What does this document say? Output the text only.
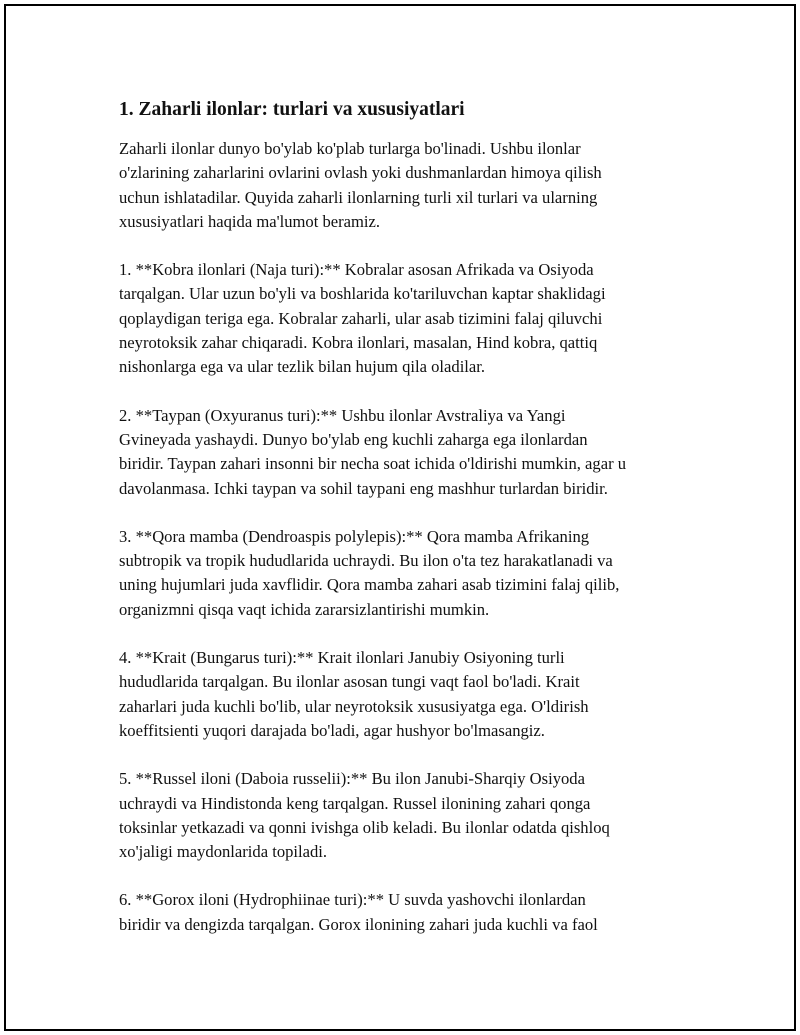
1. Zaharli ilonlar: turlari va xususiyatlari

Zaharli ilonlar dunyo bo'ylab ko'plab turlarga bo'linadi. Ushbu ilonlar
o'zlarining zaharlarini ovlarini ovlash yoki dushmanlardan himoya qilish
uchun ishlatadilar. Quyida zaharli ilonlarning turli xil turlari va ularning
xususiyatlari haqida ma'lumot beramiz.

1. **Kobra ilonlari (Naja turi):** Kobralar asosan Afrikada va Osiyoda
tarqalgan. Ular uzun bo'yli va boshlarida ko'tariluvchan kaptar shaklidagi
qoplaydigan teriga ega. Kobralar zaharli, ular asab tizimini falaj qiluvchi
neyrotoksik zahar chiqaradi. Kobra ilonlari, masalan, Hind kobra, qattiq
nishonlarga ega va ular tezlik bilan hujum qila oladilar.

2. **Taypan (Oxyuranus turi):** Ushbu ilonlar Avstraliya va Yangi
Gvineyada yashaydi. Dunyo bo'ylab eng kuchli zaharga ega ilonlardan
biridir. Taypan zahari insonni bir necha soat ichida o'ldirishi mumkin, agar u
davolanmasa. Ichki taypan va sohil taypani eng mashhur turlardan biridir.

3. **Qora mamba (Dendroaspis polylepis):** Qora mamba Afrikaning
subtropik va tropik hududlarida uchraydi. Bu ilon o'ta tez harakatlanadi va
uning hujumlari juda xavflidir. Qora mamba zahari asab tizimini falaj qilib,
organizmni qisqa vaqt ichida zararsizlantirishi mumkin.

4. **Krait (Bungarus turi):** Krait ilonlari Janubiy Osiyoning turli
hududlarida tarqalgan. Bu ilonlar asosan tungi vaqt faol bo'ladi. Krait
zaharlari juda kuchli bo'lib, ular neyrotoksik xususiyatga ega. O'ldirish
koeffitsienti yuqori darajada bo'ladi, agar hushyor bo'lmasangiz.

5. **Russel iloni (Daboia russelii):** Bu ilon Janubi-Sharqiy Osiyoda
uchraydi va Hindistonda keng tarqalgan. Russel ilonining zahari qonga
toksinlar yetkazadi va qonni ivishga olib keladi. Bu ilonlar odatda qishloq
xo'jaligi maydonlarida topiladi.

6. **Gorox iloni (Hydrophiinae turi):** U suvda yashovchi ilonlardan
biridir va dengizda tarqalgan. Gorox ilonining zahari juda kuchli va faol
